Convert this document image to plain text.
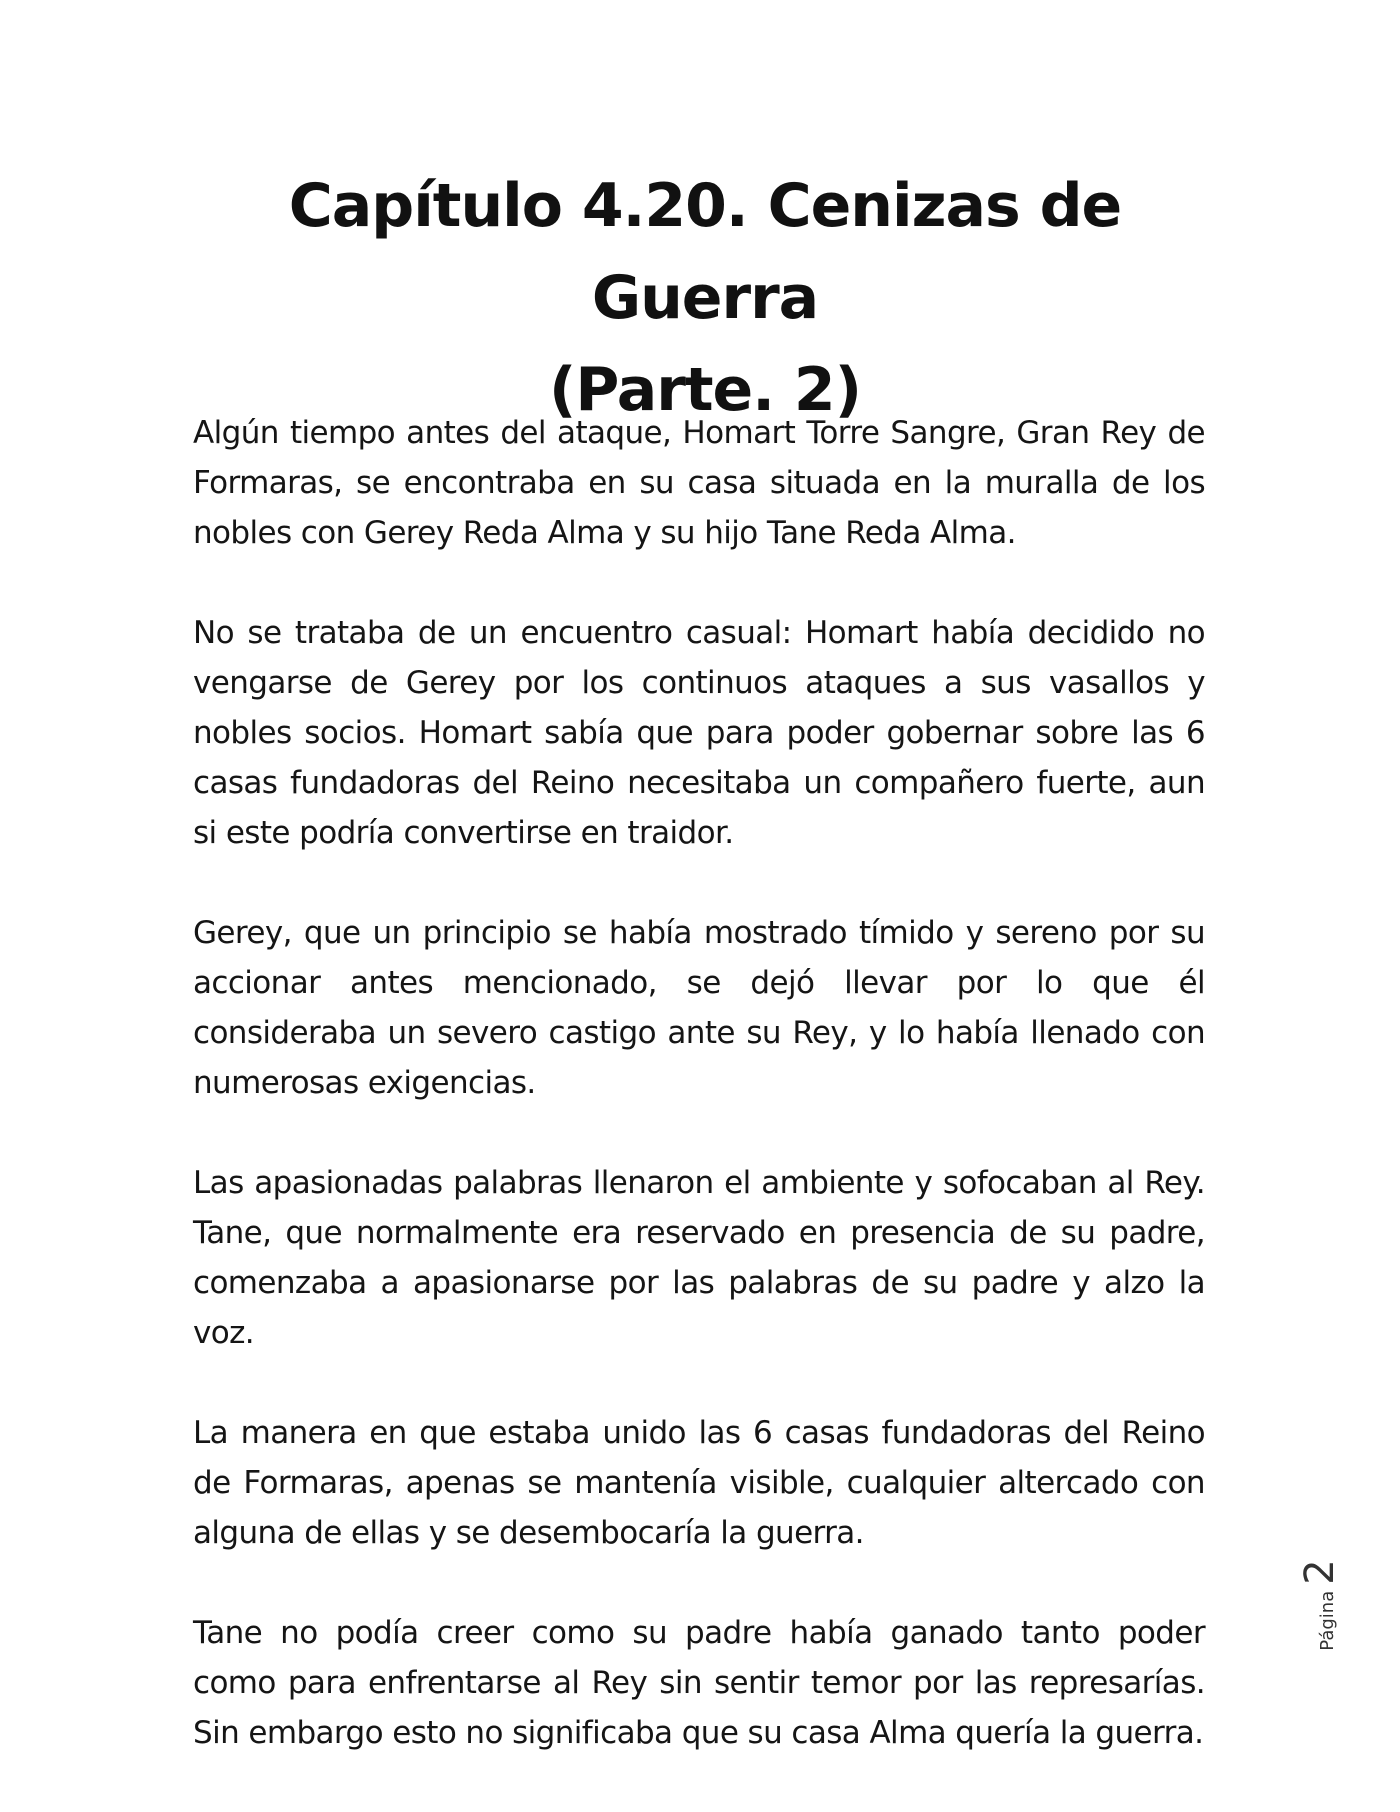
Capítulo 4.20. Cenizas de Guerra
(Parte. 2)

Algún tiempo antes del ataque, Homart Torre Sangre, Gran Rey de Formaras, se encontraba en su casa situada en la muralla de los nobles con Gerey Reda Alma y su hijo Tane Reda Alma.

No se trataba de un encuentro casual: Homart había decidido no vengarse de Gerey por los continuos ataques a sus vasallos y nobles socios. Homart sabía que para poder gobernar sobre las 6 casas fundadoras del Reino necesitaba un compañero fuerte, aun si este podría convertirse en traidor.

Gerey, que un principio se había mostrado tímido y sereno por su accionar antes mencionado, se dejó llevar por lo que él consideraba un severo castigo ante su Rey, y lo había llenado con numerosas exigencias.

Las apasionadas palabras llenaron el ambiente y sofocaban al Rey. Tane, que normalmente era reservado en presencia de su padre, comenzaba a apasionarse por las palabras de su padre y alzo la voz.

La manera en que estaba unido las 6 casas fundadoras del Reino de Formaras, apenas se mantenía visible, cualquier altercado con alguna de ellas y se desembocaría la guerra.

Tane no podía creer como su padre había ganado tanto poder como para enfrentarse al Rey sin sentir temor por las represarías. Sin embargo esto no significaba que su casa Alma quería la guerra.

Página
2
